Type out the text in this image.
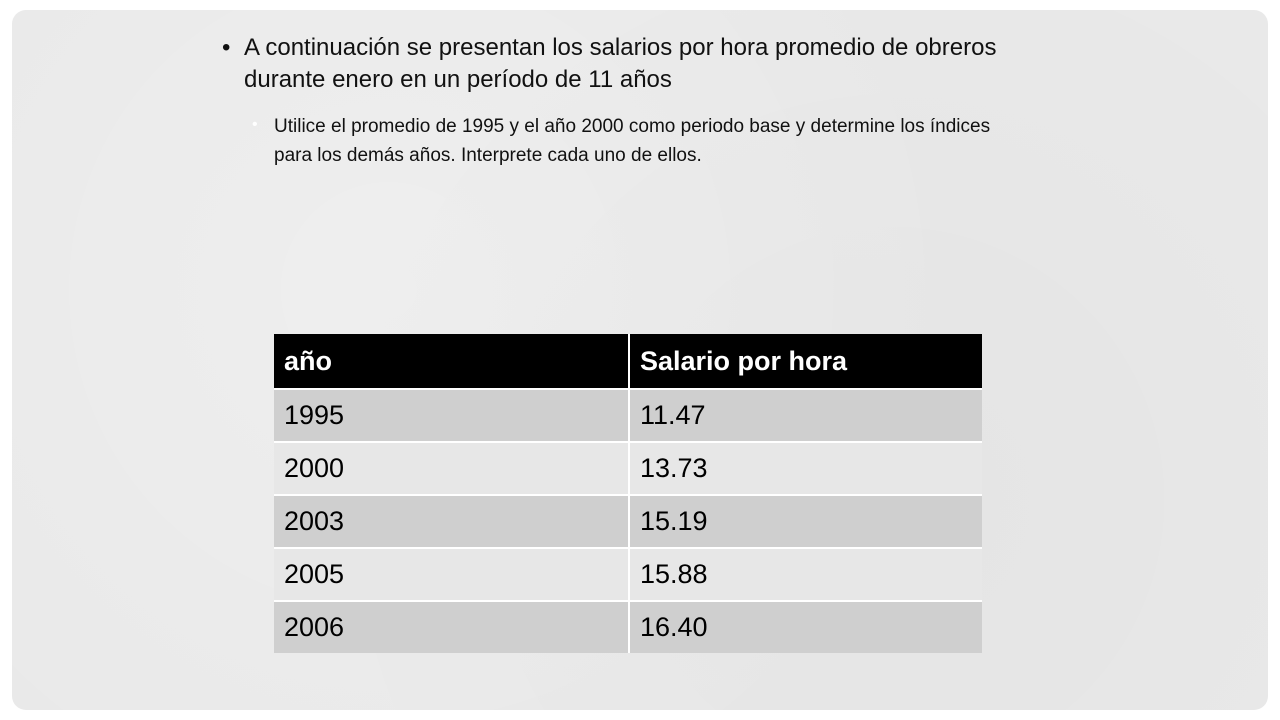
• A continuación se presentan los salarios por hora promedio de obreros durante enero en un período de 11 años
• Utilice el promedio de 1995 y el año 2000 como periodo base y determine los índices para los demás años. Interprete cada uno de ellos.
año	Salario por hora
1995	11.47
2000	13.73
2003	15.19
2005	15.88
2006	16.40
